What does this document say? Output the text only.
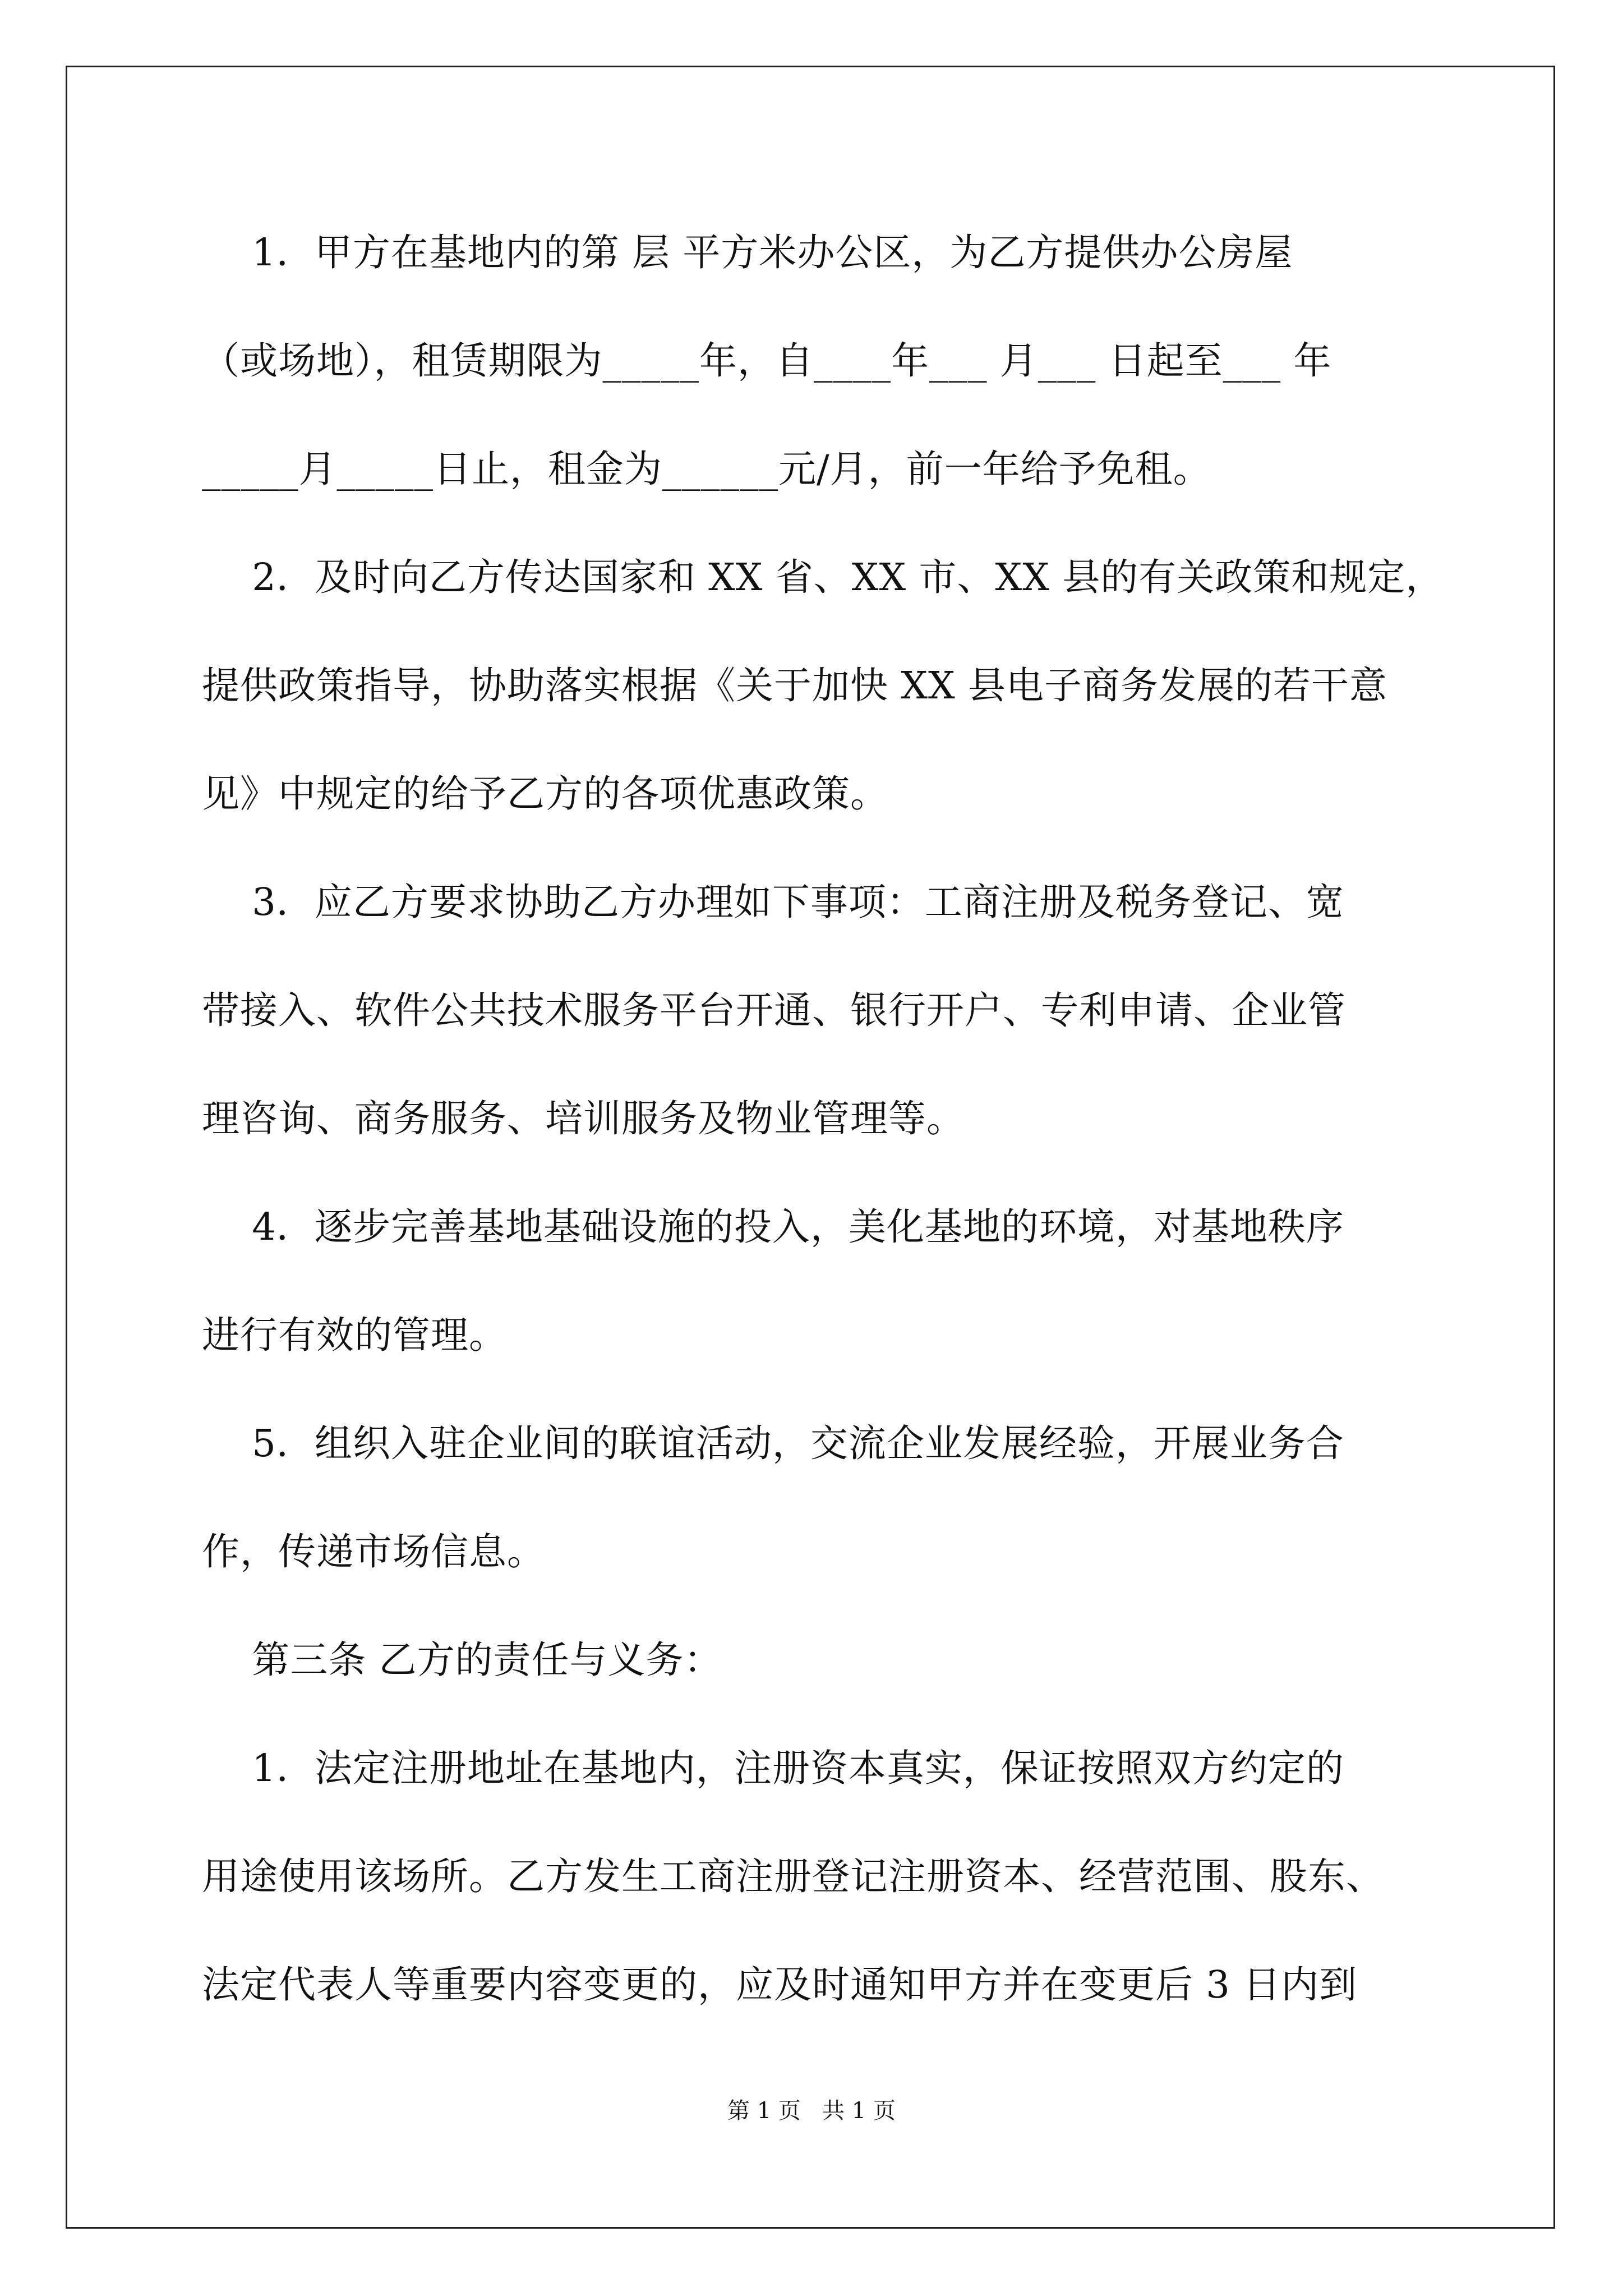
1．甲方在基地内的第 层 平方米办公区，为乙方提供办公房屋
（或场地），租赁期限为_____年，自____年___ 月___ 日起至___ 年
_____月_____日止，租金为______元/月，前一年给予免租。
2．及时向乙方传达国家和 XX 省、XX 市、XX 县的有关政策和规定，
提供政策指导，协助落实根据《关于加快 XX 县电子商务发展的若干意
见》中规定的给予乙方的各项优惠政策。
3．应乙方要求协助乙方办理如下事项：工商注册及税务登记、宽
带接入、软件公共技术服务平台开通、银行开户、专利申请、企业管
理咨询、商务服务、培训服务及物业管理等。
4．逐步完善基地基础设施的投入，美化基地的环境，对基地秩序
进行有效的管理。
5．组织入驻企业间的联谊活动，交流企业发展经验，开展业务合
作，传递市场信息。
第三条 乙方的责任与义务：
1．法定注册地址在基地内，注册资本真实，保证按照双方约定的
用途使用该场所。乙方发生工商注册登记注册资本、经营范围、股东、
法定代表人等重要内容变更的，应及时通知甲方并在变更后 3 日内到
第 1 页   共 1 页
